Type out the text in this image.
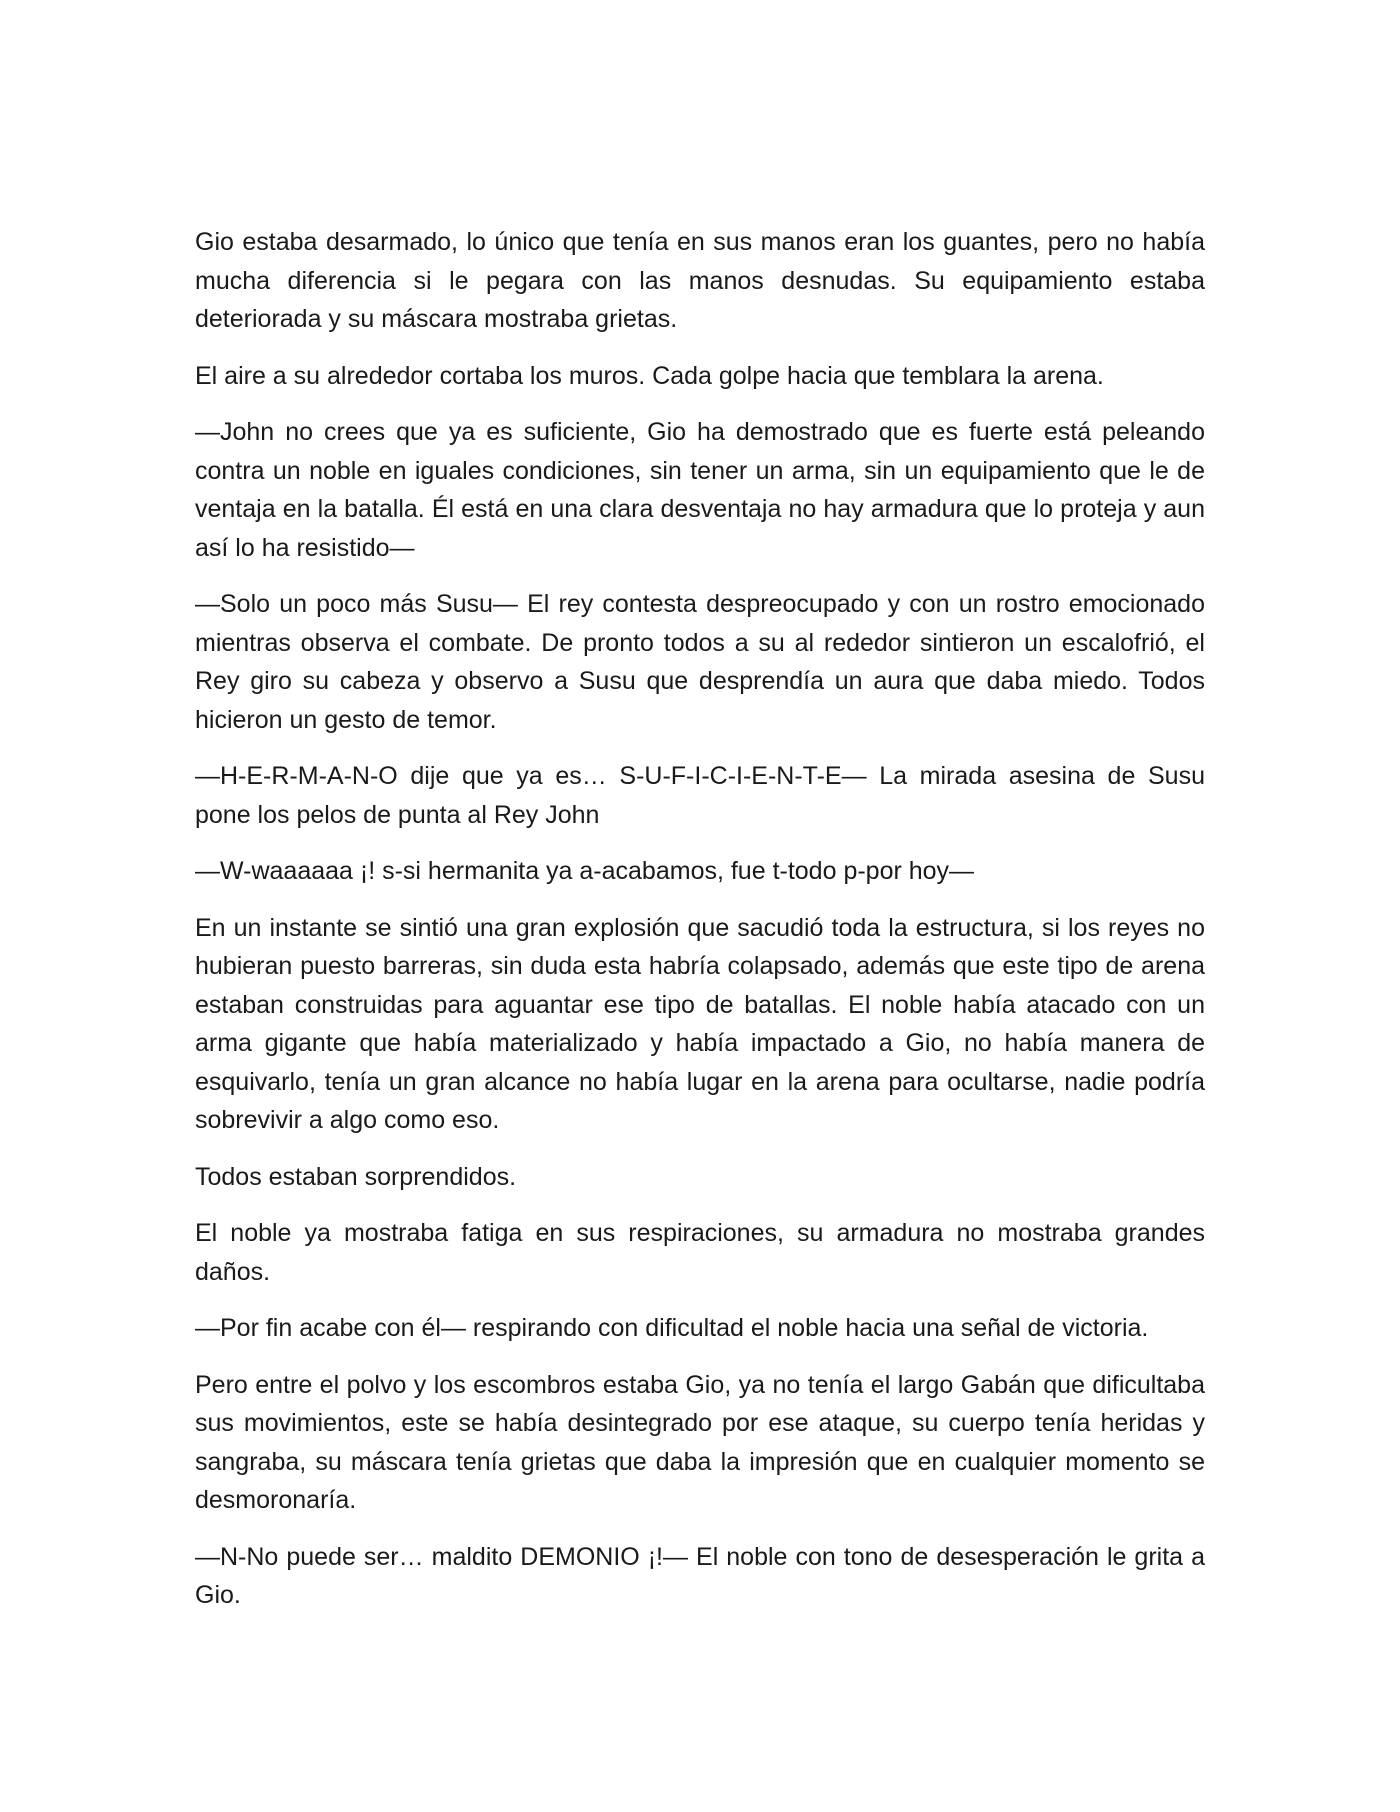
Gio estaba desarmado, lo único que tenía en sus manos eran los guantes, pero no había mucha diferencia si le pegara con las manos desnudas. Su equipamiento estaba deteriorada y su máscara mostraba grietas.

El aire a su alrededor cortaba los muros. Cada golpe hacia que temblara la arena.

—John no crees que ya es suficiente, Gio ha demostrado que es fuerte está peleando contra un noble en iguales condiciones, sin tener un arma, sin un equipamiento que le de ventaja en la batalla. Él está en una clara desventaja no hay armadura que lo proteja y aun así lo ha resistido—

—Solo un poco más Susu— El rey contesta despreocupado y con un rostro emocionado mientras observa el combate. De pronto todos a su al rededor sintieron un escalofrió, el Rey giro su cabeza y observo a Susu que desprendía un aura que daba miedo. Todos hicieron un gesto de temor.

—H-E-R-M-A-N-O dije que ya es… S-U-F-I-C-I-E-N-T-E— La mirada asesina de Susu pone los pelos de punta al Rey John

—W-waaaaaa ¡! s-si hermanita ya a-acabamos, fue t-todo p-por hoy—

En un instante se sintió una gran explosión que sacudió toda la estructura, si los reyes no hubieran puesto barreras, sin duda esta habría colapsado, además que este tipo de arena estaban construidas para aguantar ese tipo de batallas. El noble había atacado con un arma gigante que había materializado y había impactado a Gio, no había manera de esquivarlo, tenía un gran alcance no había lugar en la arena para ocultarse, nadie podría sobrevivir a algo como eso.

Todos estaban sorprendidos.

El noble ya mostraba fatiga en sus respiraciones, su armadura no mostraba grandes daños.

—Por fin acabe con él— respirando con dificultad el noble hacia una señal de victoria.

Pero entre el polvo y los escombros estaba Gio, ya no tenía el largo Gabán que dificultaba sus movimientos, este se había desintegrado por ese ataque, su cuerpo tenía heridas y sangraba, su máscara tenía grietas que daba la impresión que en cualquier momento se desmoronaría.

—N-No puede ser… maldito DEMONIO ¡!— El noble con tono de desesperación le grita a Gio.
